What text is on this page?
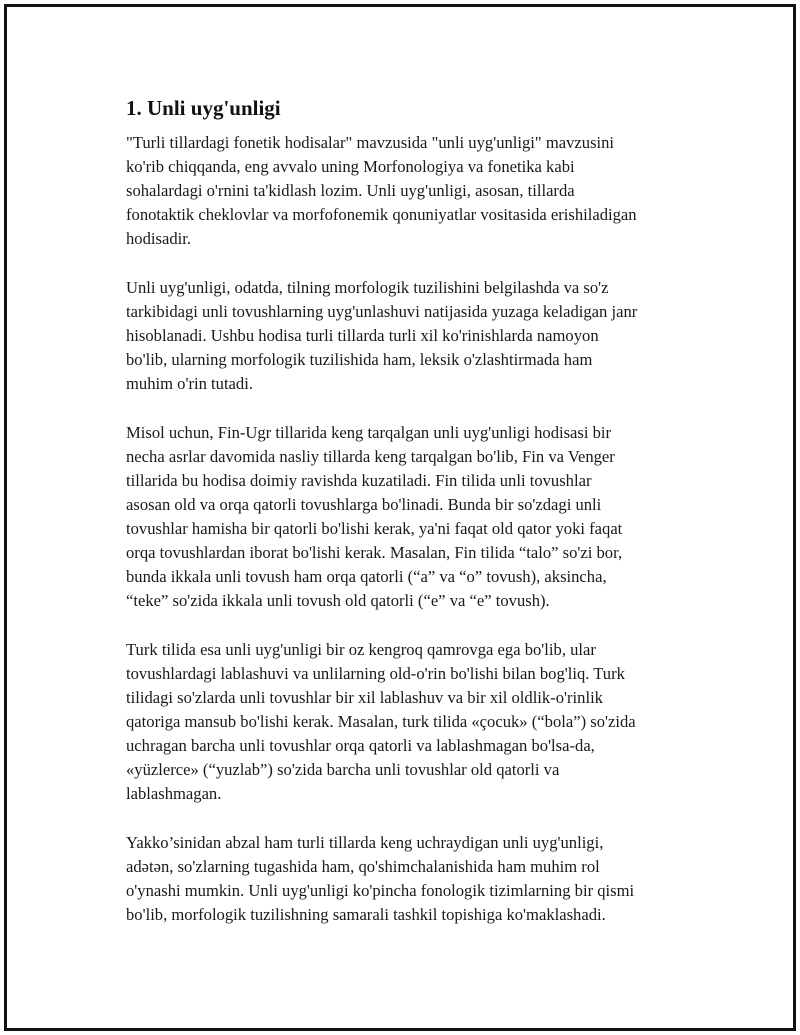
1. Unli uyg'unligi

"Turli tillardagi fonetik hodisalar" mavzusida "unli uyg'unligi" mavzusini
ko'rib chiqqanda, eng avvalo uning Morfonologiya va fonetika kabi
sohalardagi o'rnini ta'kidlash lozim. Unli uyg'unligi, asosan, tillarda
fonotaktik cheklovlar va morfofonemik qonuniyatlar vositasida erishiladigan
hodisadir.

Unli uyg'unligi, odatda, tilning morfologik tuzilishini belgilashda va so'z
tarkibidagi unli tovushlarning uyg'unlashuvi natijasida yuzaga keladigan janr
hisoblanadi. Ushbu hodisa turli tillarda turli xil ko'rinishlarda namoyon
bo'lib, ularning morfologik tuzilishida ham, leksik o'zlashtirmada ham
muhim o'rin tutadi.

Misol uchun, Fin-Ugr tillarida keng tarqalgan unli uyg'unligi hodisasi bir
necha asrlar davomida nasliy tillarda keng tarqalgan bo'lib, Fin va Venger
tillarida bu hodisa doimiy ravishda kuzatiladi. Fin tilida unli tovushlar
asosan old va orqa qatorli tovushlarga bo'linadi. Bunda bir so'zdagi unli
tovushlar hamisha bir qatorli bo'lishi kerak, ya'ni faqat old qator yoki faqat
orqa tovushlardan iborat bo'lishi kerak. Masalan, Fin tilida “talo” so'zi bor,
bunda ikkala unli tovush ham orqa qatorli (“a” va “o” tovush), aksincha,
“teke” so'zida ikkala unli tovush old qatorli (“e” va “e” tovush).

Turk tilida esa unli uyg'unligi bir oz kengroq qamrovga ega bo'lib, ular
tovushlardagi lablashuvi va unlilarning old-o'rin bo'lishi bilan bog'liq. Turk
tilidagi so'zlarda unli tovushlar bir xil lablashuv va bir xil oldlik-o'rinlik
qatoriga mansub bo'lishi kerak. Masalan, turk tilida «çocuk» (“bola”) so'zida
uchragan barcha unli tovushlar orqa qatorli va lablashmagan bo'lsa-da,
«yüzlerce» (“yuzlab”) so'zida barcha unli tovushlar old qatorli va
lablashmagan.

Yakko’sinidan abzal ham turli tillarda keng uchraydigan unli uyg'unligi,
adətən, so'zlarning tugashida ham, qo'shimchalanishida ham muhim rol
o'ynashi mumkin. Unli uyg'unligi ko'pincha fonologik tizimlarning bir qismi
bo'lib, morfologik tuzilishning samarali tashkil topishiga ko'maklashadi.
